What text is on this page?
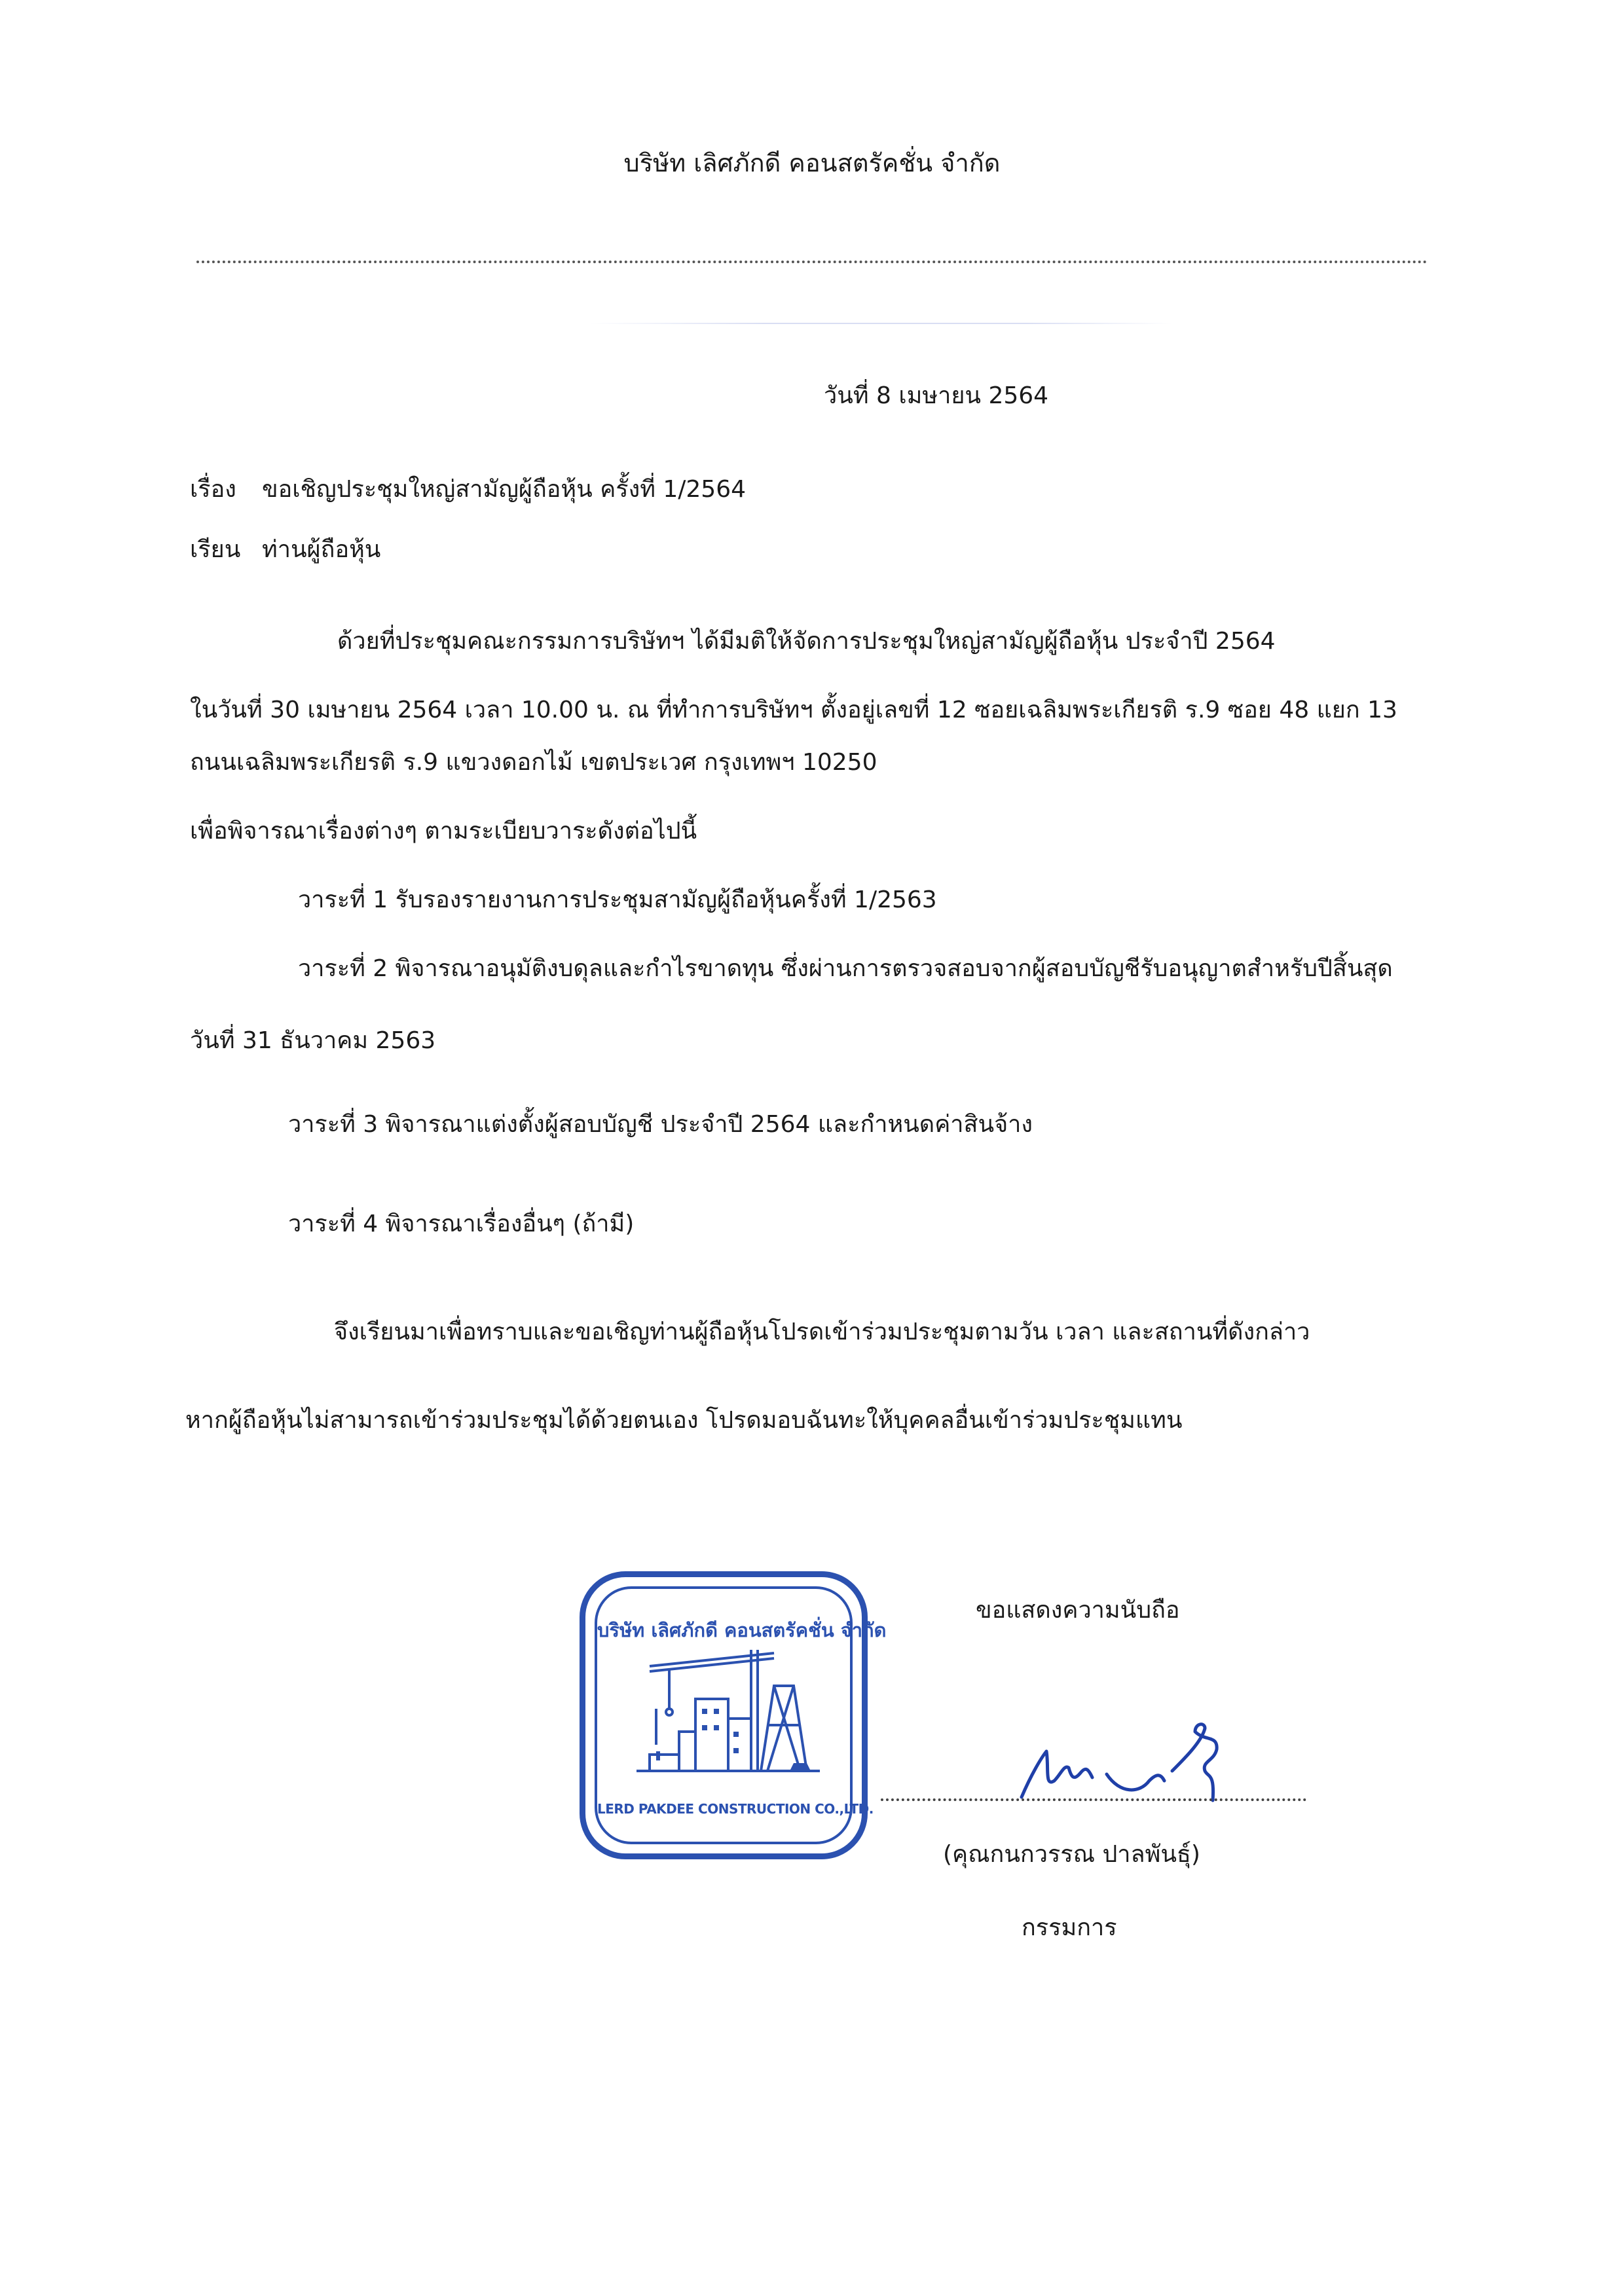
บริษัท เลิศภักดี คอนสตรัคชั่น จำกัด
วันที่ 8 เมษายน 2564
เรื่อง ขอเชิญประชุมใหญ่สามัญผู้ถือหุ้น ครั้งที่ 1/2564
เรียน ท่านผู้ถือหุ้น
ด้วยที่ประชุมคณะกรรมการบริษัทฯ ได้มีมติให้จัดการประชุมใหญ่สามัญผู้ถือหุ้น ประจำปี 2564
ในวันที่ 30 เมษายน 2564 เวลา 10.00 น. ณ ที่ทำการบริษัทฯ ตั้งอยู่เลขที่ 12 ซอยเฉลิมพระเกียรติ ร.9 ซอย 48 แยก 13
ถนนเฉลิมพระเกียรติ ร.9 แขวงดอกไม้ เขตประเวศ กรุงเทพฯ 10250
เพื่อพิจารณาเรื่องต่างๆ ตามระเบียบวาระดังต่อไปนี้
วาระที่ 1 รับรองรายงานการประชุมสามัญผู้ถือหุ้นครั้งที่ 1/2563
วาระที่ 2 พิจารณาอนุมัติงบดุลและกำไรขาดทุน ซึ่งผ่านการตรวจสอบจากผู้สอบบัญชีรับอนุญาตสำหรับปีสิ้นสุด
วันที่ 31 ธันวาคม 2563
วาระที่ 3 พิจารณาแต่งตั้งผู้สอบบัญชี ประจำปี 2564 และกำหนดค่าสินจ้าง
วาระที่ 4 พิจารณาเรื่องอื่นๆ (ถ้ามี)
จึงเรียนมาเพื่อทราบและขอเชิญท่านผู้ถือหุ้นโปรดเข้าร่วมประชุมตามวัน เวลา และสถานที่ดังกล่าว
หากผู้ถือหุ้นไม่สามารถเข้าร่วมประชุมได้ด้วยตนเอง โปรดมอบฉันทะให้บุคคลอื่นเข้าร่วมประชุมแทน
บริษัท เลิศภักดี คอนสตรัคชั่น จำกัด
LERD PAKDEE CONSTRUCTION CO.,LTD.
ขอแสดงความนับถือ
(คุณกนกวรรณ ปาลพันธุ์)
กรรมการ
